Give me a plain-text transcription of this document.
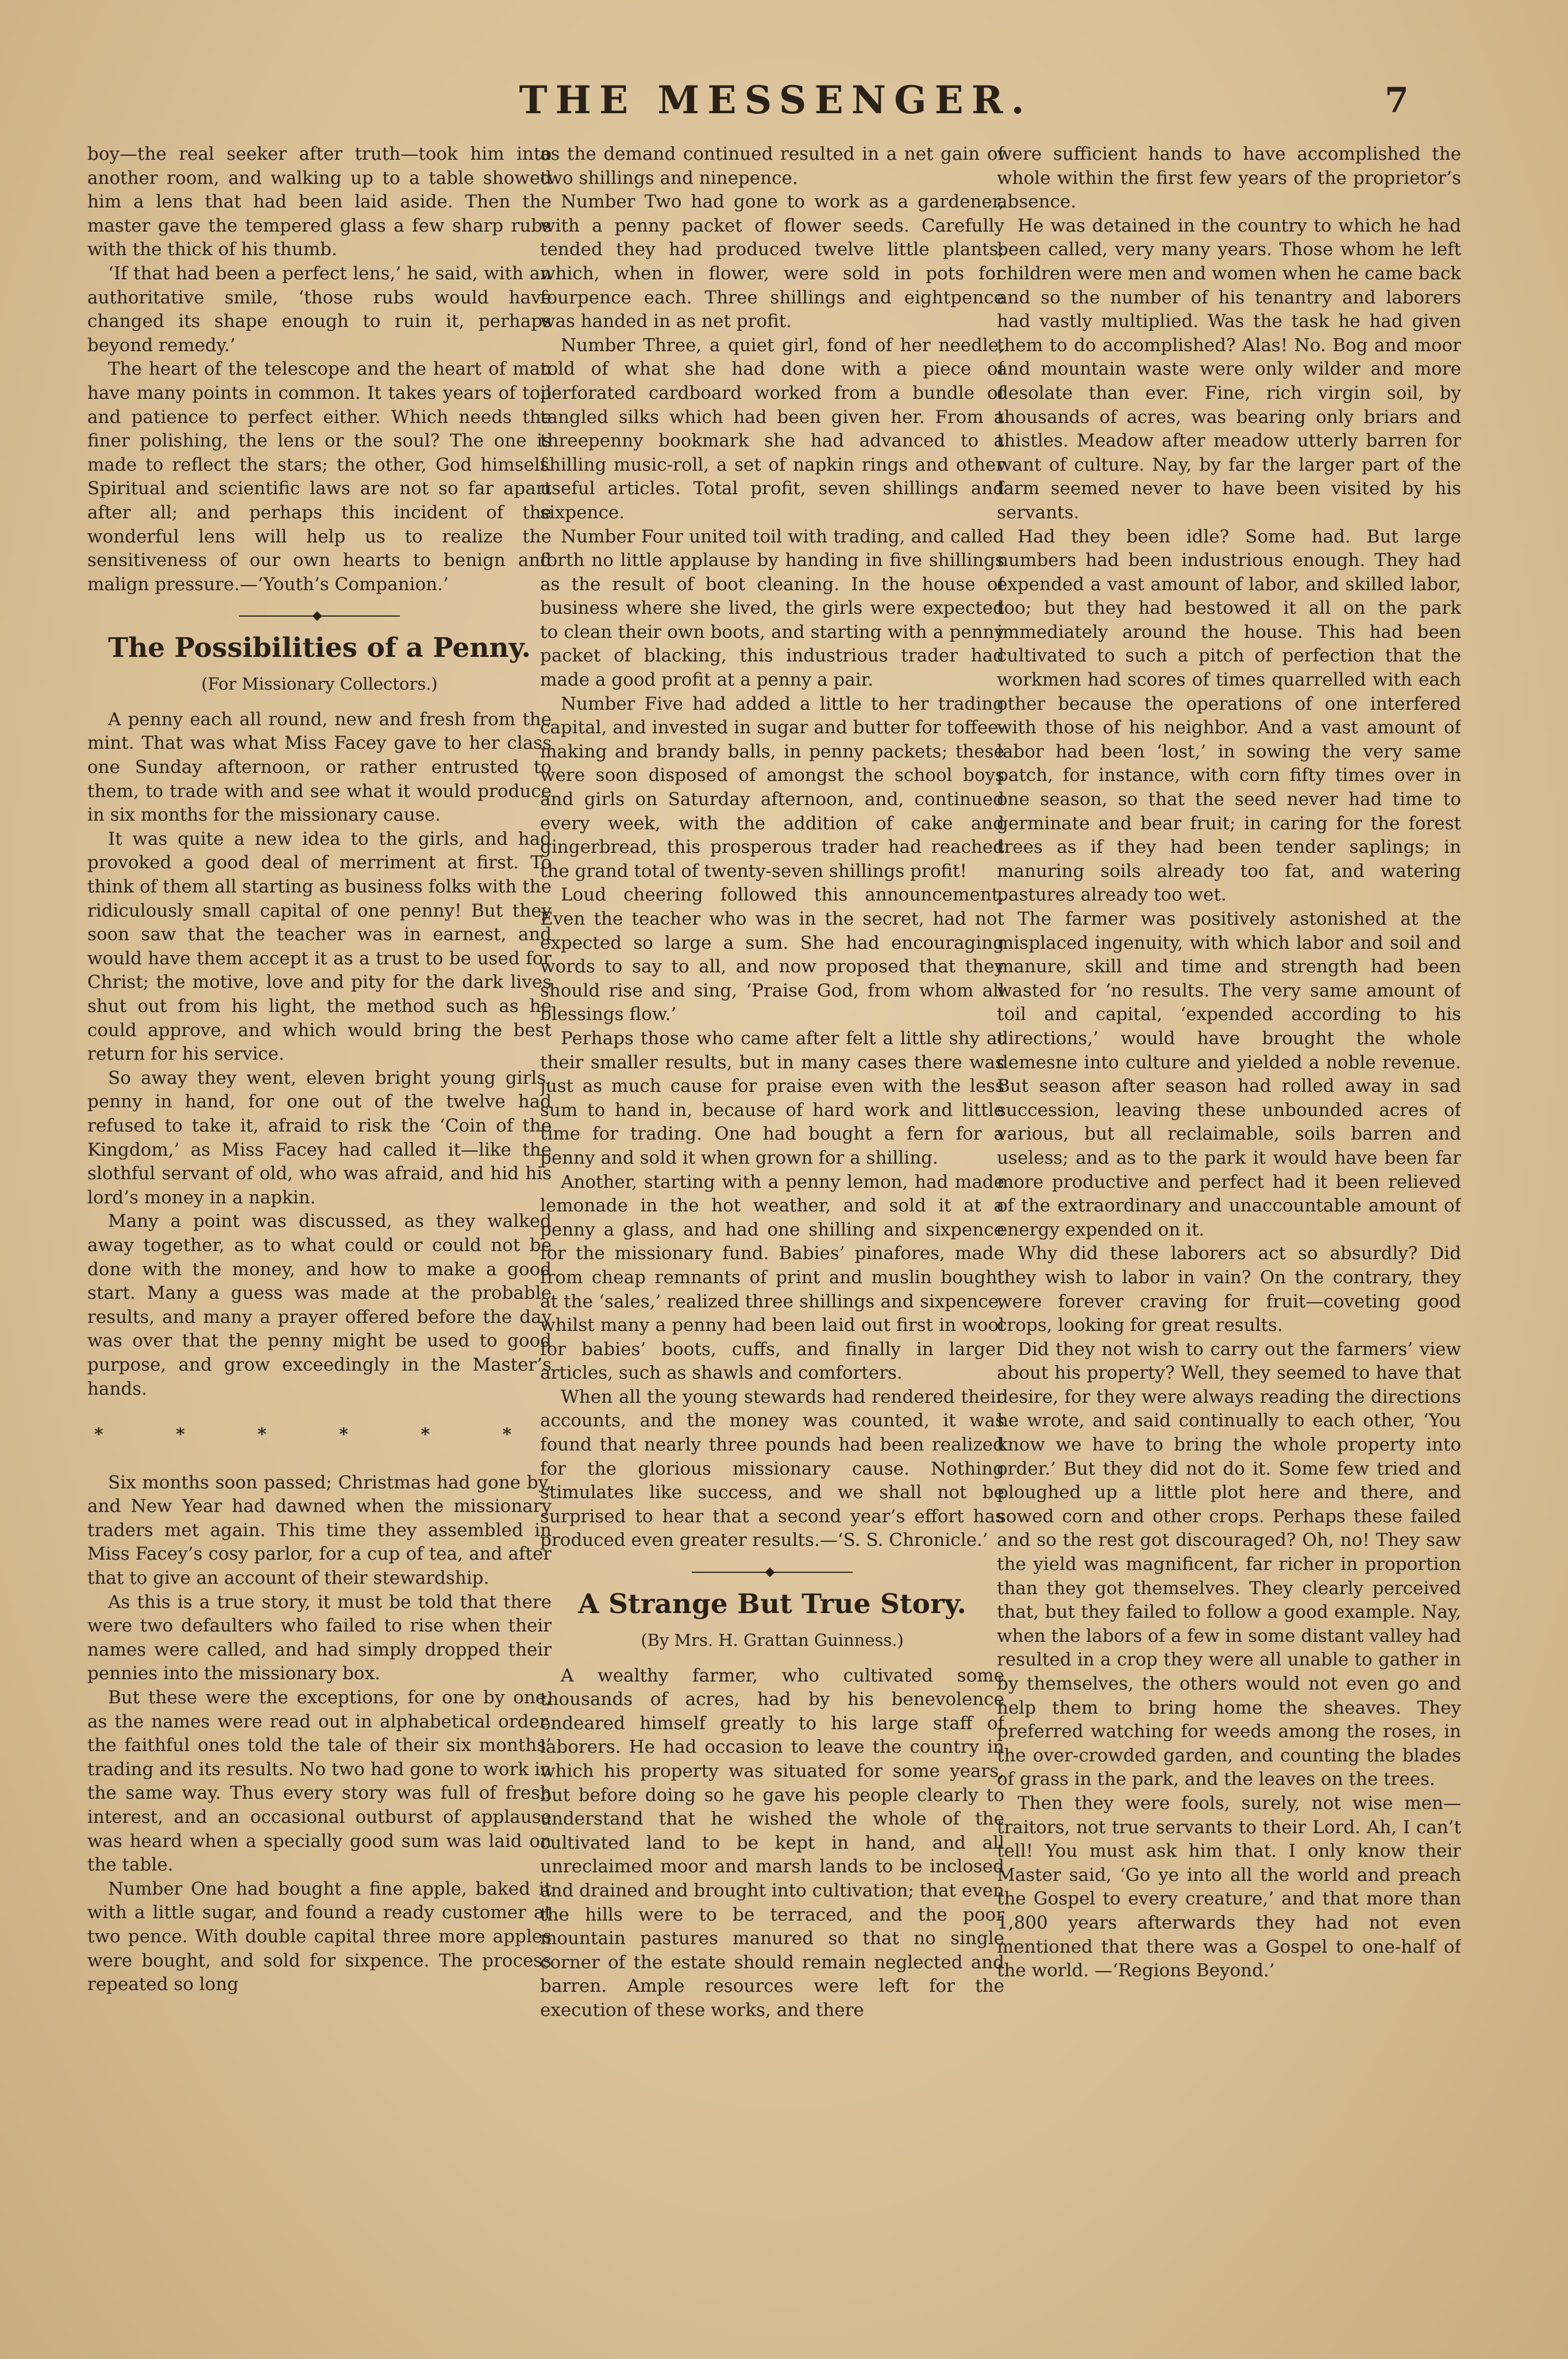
THE MESSENGER.	7

boy—the real seeker after truth—took him into another room, and walking up to a table showed him a lens that had been laid aside. Then the master gave the tempered glass a few sharp rubs with the thick of his thumb.

‘If that had been a perfect lens,’ he said, with an authoritative smile, ‘those rubs would have changed its shape enough to ruin it, perhaps beyond remedy.’

The heart of the telescope and the heart of man have many points in common. It takes years of toil and patience to perfect either. Which needs the finer polishing, the lens or the soul? The one is made to reflect the stars; the other, God himself. Spiritual and scientific laws are not so far apart after all; and perhaps this incident of the wonderful lens will help us to realize the sensitiveness of our own hearts to benign and malign pressure.—‘Youth’s Companion.’

The Possibilities of a Penny.
(For Missionary Collectors.)

A penny each all round, new and fresh from the mint. That was what Miss Facey gave to her class one Sunday afternoon, or rather entrusted to them, to trade with and see what it would produce in six months for the missionary cause.

It was quite a new idea to the girls, and had provoked a good deal of merriment at first. To think of them all starting as business folks with the ridiculously small capital of one penny! But they soon saw that the teacher was in earnest, and would have them accept it as a trust to be used for Christ; the motive, love and pity for the dark lives shut out from his light, the method such as he could approve, and which would bring the best return for his service.

So away they went, eleven bright young girls, penny in hand, for one out of the twelve had refused to take it, afraid to risk the ‘Coin of the Kingdom,’ as Miss Facey had called it—like the slothful servant of old, who was afraid, and hid his lord’s money in a napkin.

Many a point was discussed, as they walked away together, as to what could or could not be done with the money, and how to make a good start. Many a guess was made at the probable results, and many a prayer offered before the day was over that the penny might be used to good purpose, and grow exceedingly in the Master’s hands.

* * * * * *

Six months soon passed; Christmas had gone by, and New Year had dawned when the missionary traders met again. This time they assembled in Miss Facey’s cosy parlor, for a cup of tea, and after that to give an account of their stewardship.

As this is a true story, it must be told that there were two defaulters who failed to rise when their names were called, and had simply dropped their pennies into the missionary box.

But these were the exceptions, for one by one, as the names were read out in alphabetical order, the faithful ones told the tale of their six months’ trading and its results. No two had gone to work in the same way. Thus every story was full of fresh interest, and an occasional outburst of applause was heard when a specially good sum was laid on the table.

Number One had bought a fine apple, baked it with a little sugar, and found a ready customer at two pence. With double capital three more apples were bought, and sold for sixpence. The process repeated so long

as the demand continued resulted in a net gain of two shillings and ninepence.

Number Two had gone to work as a gardener, with a penny packet of flower seeds. Carefully tended they had produced twelve little plants; which, when in flower, were sold in pots for fourpence each. Three shillings and eightpence was handed in as net profit.

Number Three, a quiet girl, fond of her needle, told of what she had done with a piece of perforated cardboard worked from a bundle of tangled silks which had been given her. From a threepenny bookmark she had advanced to a shilling music-roll, a set of napkin rings and other useful articles. Total profit, seven shillings and sixpence.

Number Four united toil with trading, and called forth no little applause by handing in five shillings as the result of boot cleaning. In the house of business where she lived, the girls were expected to clean their own boots, and starting with a penny packet of blacking, this industrious trader had made a good profit at a penny a pair.

Number Five had added a little to her trading capital, and invested in sugar and butter for toffee-making and brandy balls, in penny packets; these were soon disposed of amongst the school boys and girls on Saturday afternoon, and, continued every week, with the addition of cake and gingerbread, this prosperous trader had reached the grand total of twenty-seven shillings profit!

Loud cheering followed this announcement, Even the teacher who was in the secret, had not expected so large a sum. She had encouraging words to say to all, and now proposed that they should rise and sing, ‘Praise God, from whom all blessings flow.’

Perhaps those who came after felt a little shy at their smaller results, but in many cases there was just as much cause for praise even with the less sum to hand in, because of hard work and little time for trading. One had bought a fern for a penny and sold it when grown for a shilling.

Another, starting with a penny lemon, had made lemonade in the hot weather, and sold it at a penny a glass, and had one shilling and sixpence for the missionary fund. Babies’ pinafores, made from cheap remnants of print and muslin bought at the ‘sales,’ realized three shillings and sixpence, whilst many a penny had been laid out first in wool for babies’ boots, cuffs, and finally in larger articles, such as shawls and comforters.

When all the young stewards had rendered their accounts, and the money was counted, it was found that nearly three pounds had been realized for the glorious missionary cause. Nothing stimulates like success, and we shall not be surprised to hear that a second year’s effort has produced even greater results.—‘S. S. Chronicle.’

A Strange But True Story.
(By Mrs. H. Grattan Guinness.)

A wealthy farmer, who cultivated some thousands of acres, had by his benevolence endeared himself greatly to his large staff of laborers. He had occasion to leave the country in which his property was situated for some years, but before doing so he gave his people clearly to understand that he wished the whole of the cultivated land to be kept in hand, and all unreclaimed moor and marsh lands to be inclosed and drained and brought into cultivation; that even the hills were to be terraced, and the poor mountain pastures manured so that no single corner of the estate should remain neglected and barren. Ample resources were left for the execution of these works, and there

were sufficient hands to have accomplished the whole within the first few years of the proprietor’s absence.

He was detained in the country to which he had been called, very many years. Those whom he left children were men and women when he came back and so the number of his tenantry and laborers had vastly multiplied. Was the task he had given them to do accomplished? Alas! No. Bog and moor and mountain waste were only wilder and more desolate than ever. Fine, rich virgin soil, by thousands of acres, was bearing only briars and thistles. Meadow after meadow utterly barren for want of culture. Nay, by far the larger part of the farm seemed never to have been visited by his servants.

Had they been idle? Some had. But large numbers had been industrious enough. They had expended a vast amount of labor, and skilled labor, too; but they had bestowed it all on the park immediately around the house. This had been cultivated to such a pitch of perfection that the workmen had scores of times quarrelled with each other because the operations of one interfered with those of his neighbor. And a vast amount of labor had been ‘lost,’ in sowing the very same patch, for instance, with corn fifty times over in one season, so that the seed never had time to germinate and bear fruit; in caring for the forest trees as if they had been tender saplings; in manuring soils already too fat, and watering pastures already too wet.

The farmer was positively astonished at the misplaced ingenuity, with which labor and soil and manure, skill and time and strength had been wasted for ‘no results. The very same amount of toil and capital, ‘expended according to his directions,’ would have brought the whole demesne into culture and yielded a noble revenue. But season after season had rolled away in sad succession, leaving these unbounded acres of various, but all reclaimable, soils barren and useless; and as to the park it would have been far more productive and perfect had it been relieved of the extraordinary and unaccountable amount of energy expended on it.

Why did these laborers act so absurdly? Did they wish to labor in vain? On the contrary, they were forever craving for fruit—coveting good crops, looking for great results.

Did they not wish to carry out the farmers’ view about his property? Well, they seemed to have that desire, for they were always reading the directions he wrote, and said continually to each other, ‘You know we have to bring the whole property into order.’ But they did not do it. Some few tried and ploughed up a little plot here and there, and sowed corn and other crops. Perhaps these failed and so the rest got discouraged? Oh, no! They saw the yield was magnificent, far richer in proportion than they got themselves. They clearly perceived that, but they failed to follow a good example. Nay, when the labors of a few in some distant valley had resulted in a crop they were all unable to gather in by themselves, the others would not even go and help them to bring home the sheaves. They preferred watching for weeds among the roses, in the over-crowded garden, and counting the blades of grass in the park, and the leaves on the trees.

Then they were fools, surely, not wise men—traitors, not true servants to their Lord. Ah, I can’t tell! You must ask him that. I only know their Master said, ‘Go ye into all the world and preach the Gospel to every creature,’ and that more than 1,800 years afterwards they had not even mentioned that there was a Gospel to one-half of the world. —‘Regions Beyond.’
